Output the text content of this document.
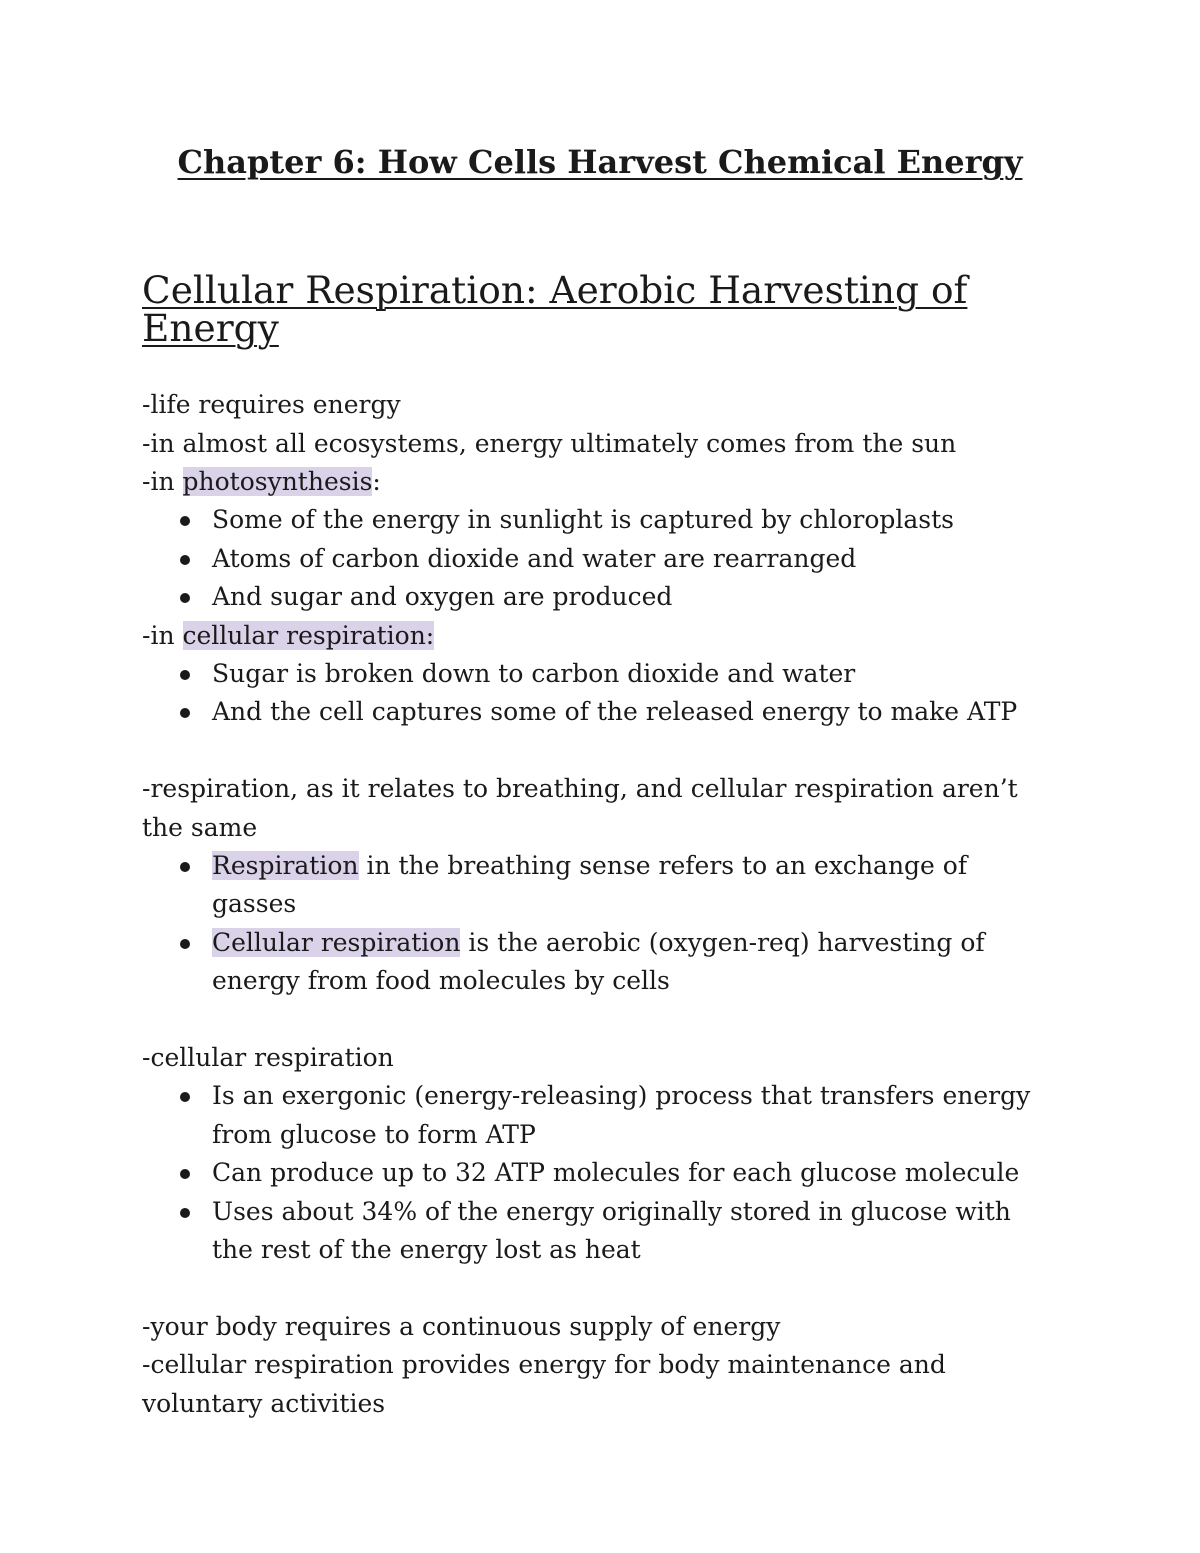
Chapter 6: How Cells Harvest Chemical Energy
Cellular Respiration: Aerobic Harvesting of Energy

-life requires energy

-in almost all ecosystems, energy ultimately comes from the sun

-in photosynthesis:

Some of the energy in sunlight is captured by chloroplasts
Atoms of carbon dioxide and water are rearranged
And sugar and oxygen are produced

-in cellular respiration:

Sugar is broken down to carbon dioxide and water
And the cell captures some of the released energy to make ATP

-respiration, as it relates to breathing, and cellular respiration aren’t the same

Respiration in the breathing sense refers to an exchange of gasses
Cellular respiration is the aerobic (oxygen-req) harvesting of energy from food molecules by cells

-cellular respiration

Is an exergonic (energy-releasing) process that transfers energy from glucose to form ATP
Can produce up to 32 ATP molecules for each glucose molecule
Uses about 34% of the energy originally stored in glucose with the rest of the energy lost as heat

-your body requires a continuous supply of energy

-cellular respiration provides energy for body maintenance and voluntary activities
